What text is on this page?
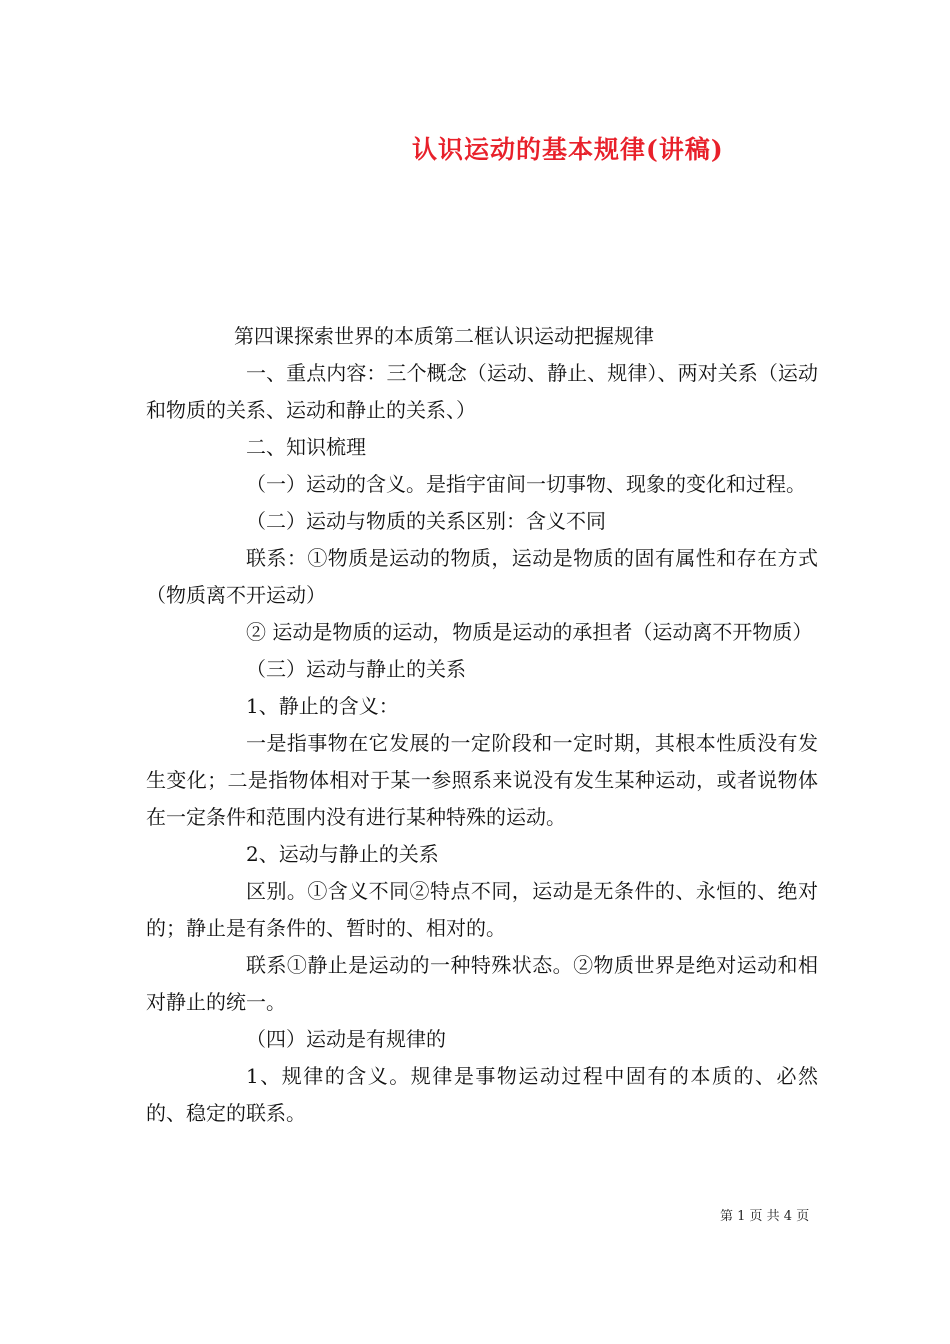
认识运动的基本规律(讲稿)

第四课探索世界的本质第二框认识运动把握规律

一、重点内容：三个概念（运动、静止、规律）、两对关系（运动和物质的关系、运动和静止的关系、）

二、知识梳理

（一）运动的含义。是指宇宙间一切事物、现象的变化和过程。

（二）运动与物质的关系区别：含义不同

联系：①物质是运动的物质，运动是物质的固有属性和存在方式（物质离不开运动）

② 运动是物质的运动，物质是运动的承担者（运动离不开物质）

（三）运动与静止的关系

1、静止的含义：

一是指事物在它发展的一定阶段和一定时期，其根本性质没有发生变化；二是指物体相对于某一参照系来说没有发生某种运动，或者说物体在一定条件和范围内没有进行某种特殊的运动。

2、运动与静止的关系

区别。①含义不同②特点不同，运动是无条件的、永恒的、绝对的；静止是有条件的、暂时的、相对的。

联系①静止是运动的一种特殊状态。②物质世界是绝对运动和相对静止的统一。

（四）运动是有规律的

1、规律的含义。规律是事物运动过程中固有的本质的、必然的、稳定的联系。

第 1 页 共 4 页
